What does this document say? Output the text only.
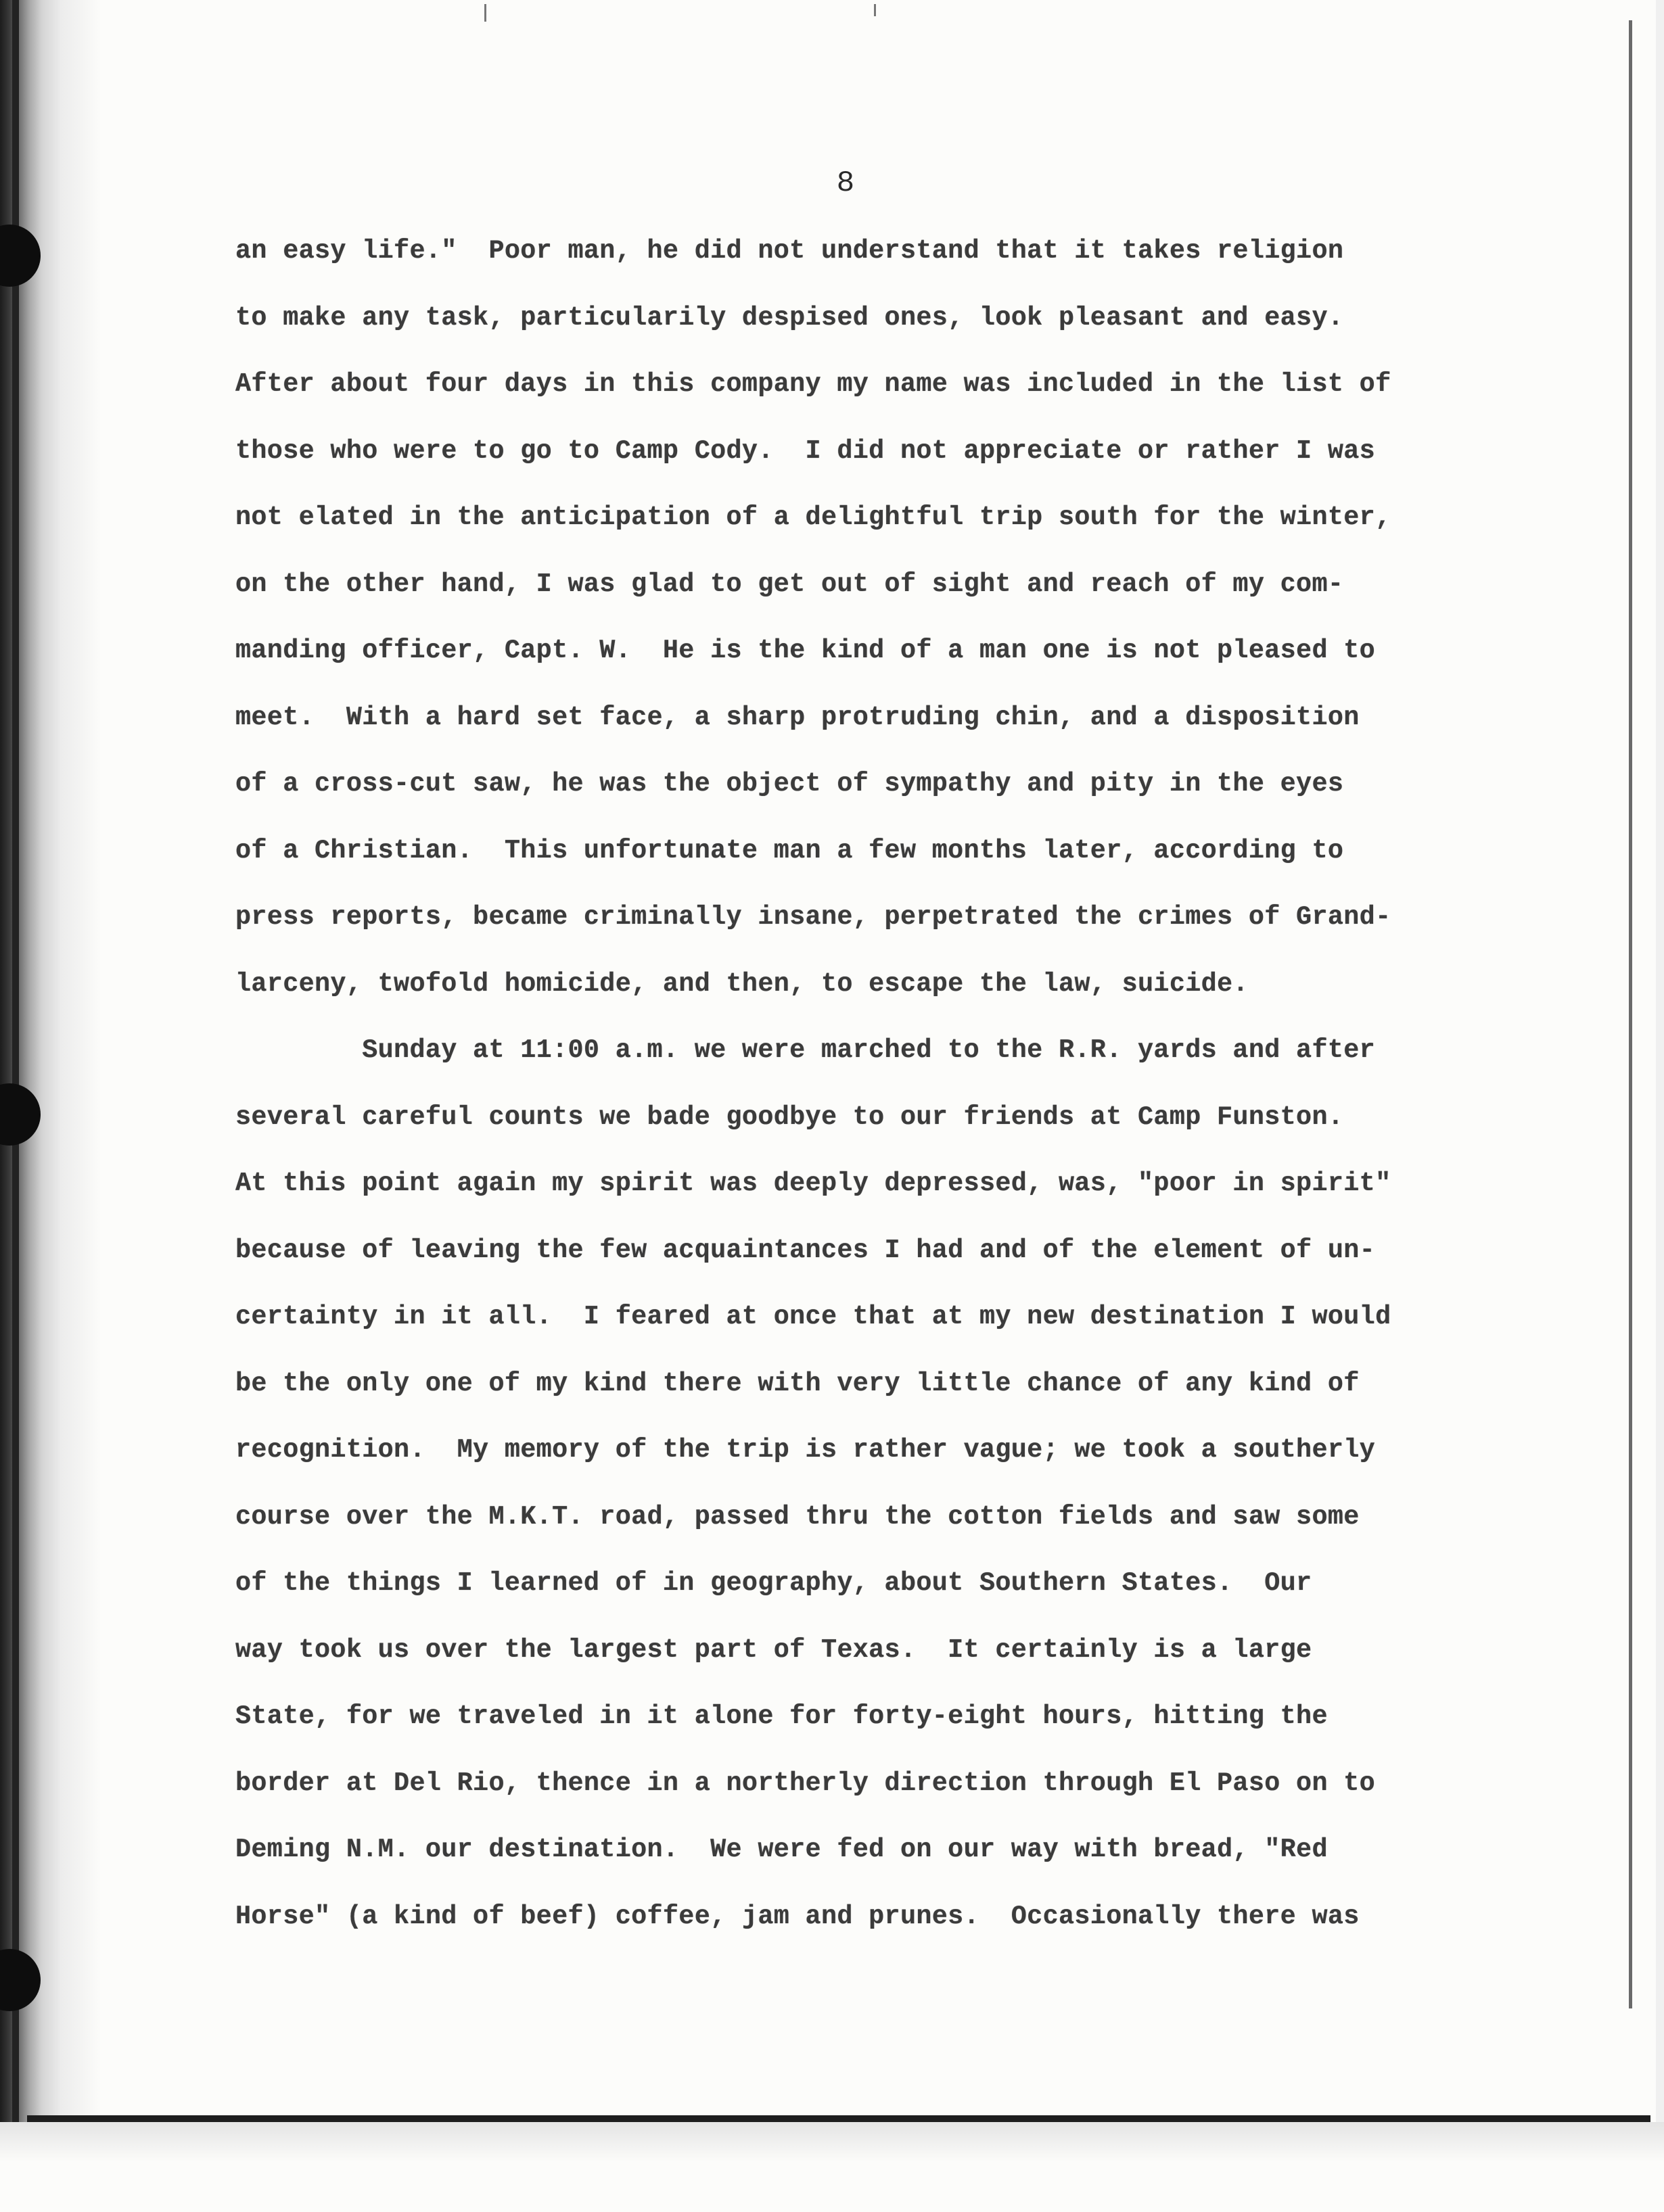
8
an easy life."  Poor man, he did not understand that it takes religion
to make any task, particularily despised ones, look pleasant and easy.
After about four days in this company my name was included in the list of
those who were to go to Camp Cody.  I did not appreciate or rather I was
not elated in the anticipation of a delightful trip south for the winter,
on the other hand, I was glad to get out of sight and reach of my com-
manding officer, Capt. W.  He is the kind of a man one is not pleased to
meet.  With a hard set face, a sharp protruding chin, and a disposition
of a cross-cut saw, he was the object of sympathy and pity in the eyes
of a Christian.  This unfortunate man a few months later, according to
press reports, became criminally insane, perpetrated the crimes of Grand-
larceny, twofold homicide, and then, to escape the law, suicide.
Sunday at 11:00 a.m. we were marched to the R.R. yards and after
several careful counts we bade goodbye to our friends at Camp Funston.
At this point again my spirit was deeply depressed, was, "poor in spirit"
because of leaving the few acquaintances I had and of the element of un-
certainty in it all.  I feared at once that at my new destination I would
be the only one of my kind there with very little chance of any kind of
recognition.  My memory of the trip is rather vague; we took a southerly
course over the M.K.T. road, passed thru the cotton fields and saw some
of the things I learned of in geography, about Southern States.  Our
way took us over the largest part of Texas.  It certainly is a large
State, for we traveled in it alone for forty-eight hours, hitting the
border at Del Rio, thence in a northerly direction through El Paso on to
Deming N.M. our destination.  We were fed on our way with bread, "Red
Horse" (a kind of beef) coffee, jam and prunes.  Occasionally there was
